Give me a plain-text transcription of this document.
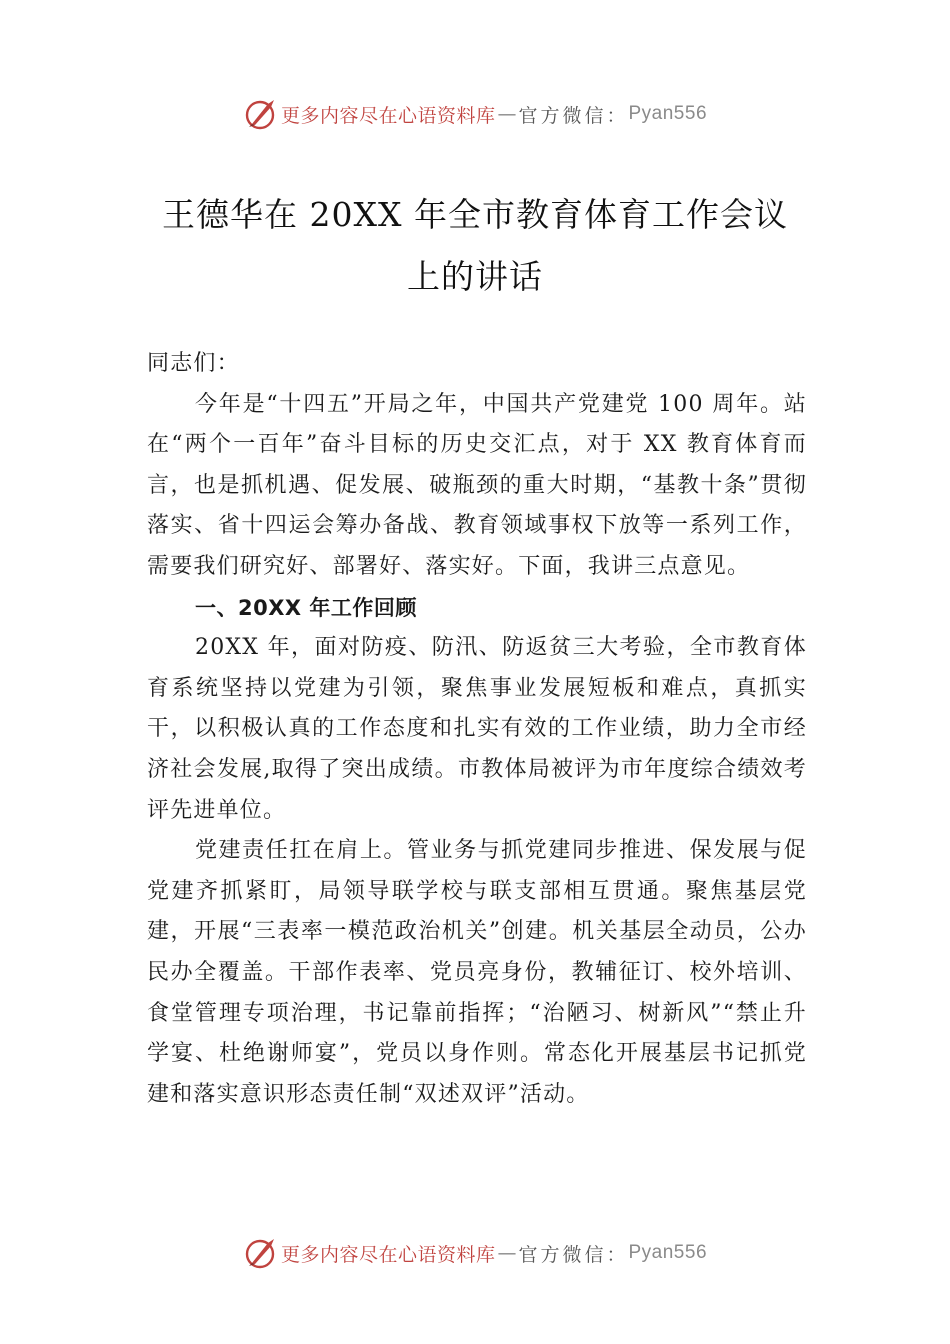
更多内容尽在心语资料库 — 官方微信： Pyan556
王德华在 20XX 年全市教育体育工作会议
上的讲话

同志们：

今年是“十四五”开局之年，中国共产党建党 100 周年。站在“两个一百年”奋斗目标的历史交汇点，对于 XX 教育体育而言，也是抓机遇、促发展、破瓶颈的重大时期，“基教十条”贯彻落实、省十四运会筹办备战、教育领域事权下放等一系列工作，需要我们研究好、部署好、落实好。下面，我讲三点意见。

一、20XX 年工作回顾

20XX 年，面对防疫、防汛、防返贫三大考验，全市教育体育系统坚持以党建为引领，聚焦事业发展短板和难点，真抓实干，以积极认真的工作态度和扎实有效的工作业绩，助力全市经济社会发展,取得了突出成绩。市教体局被评为市年度综合绩效考评先进单位。

党建责任扛在肩上。管业务与抓党建同步推进、保发展与促党建齐抓紧盯，局领导联学校与联支部相互贯通。聚焦基层党建，开展“三表率一模范政治机关”创建。机关基层全动员，公办民办全覆盖。干部作表率、党员亮身份，教辅征订、校外培训、食堂管理专项治理，书记靠前指挥；“治陋习、树新风”“禁止升学宴、杜绝谢师宴”，党员以身作则。常态化开展基层书记抓党建和落实意识形态责任制“双述双评”活动。

更多内容尽在心语资料库 — 官方微信： Pyan556
